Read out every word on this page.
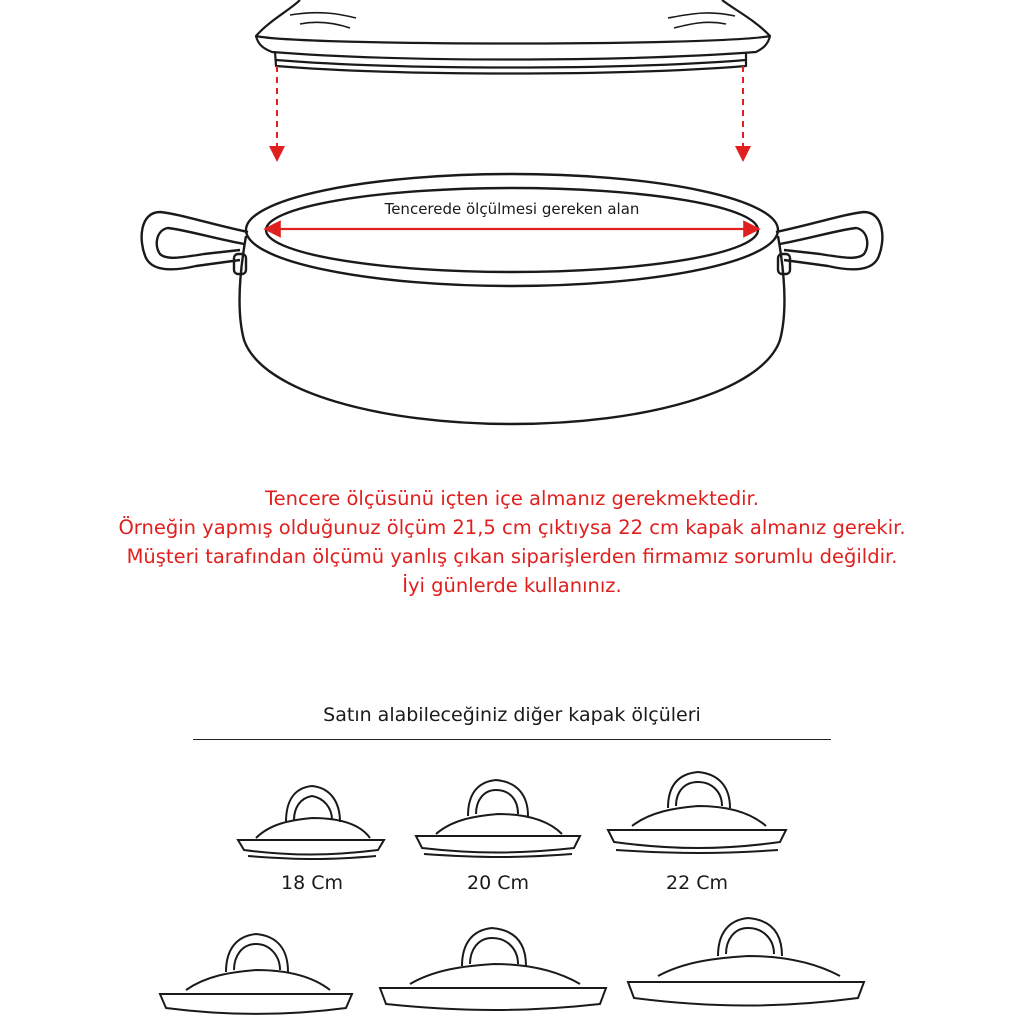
Tencerede ölçülmesi gereken alan
Tencere ölçüsünü içten içe almanız gerekmektedir.
Örneğin yapmış olduğunuz ölçüm 21,5 cm çıktıysa 22 cm kapak almanız gerekir.
Müşteri tarafından ölçümü yanlış çıkan siparişlerden firmamız sorumlu değildir.
İyi günlerde kullanınız.
Satın alabileceğiniz diğer kapak ölçüleri
18 Cm	20 Cm	22 Cm
